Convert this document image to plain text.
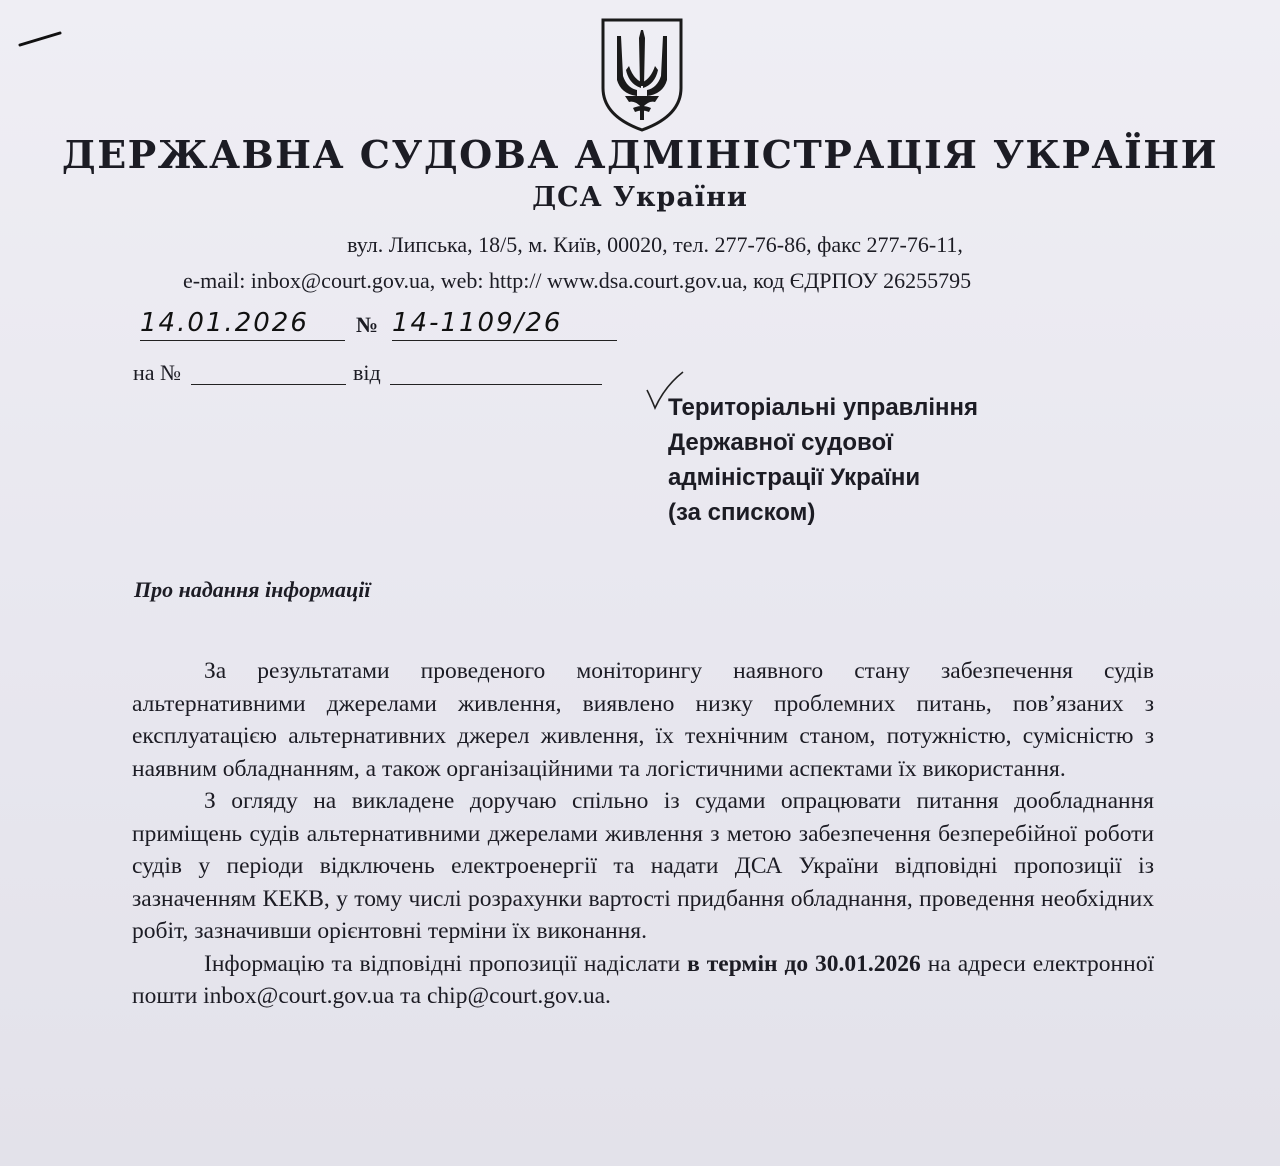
ДЕРЖАВНА СУДОВА АДМІНІСТРАЦІЯ УКРАЇНИ
ДСА України
вул. Липська, 18/5, м. Київ, 00020, тел. 277-76-86, факс 277-76-11,
e-mail: inbox@court.gov.ua, web: http:// www.dsa.court.gov.ua, код ЄДРПОУ 26255795
14.01.2026	№ 14-1109/26
на №	від
Територіальні управління
Державної судової
адміністрації України
(за списком)
Про надання інформації

За результатами проведеного моніторингу наявного стану забезпечення судів альтернативними джерелами живлення, виявлено низку проблемних питань, пов’язаних з експлуатацією альтернативних джерел живлення, їх технічним станом, потужністю, сумісністю з наявним обладнанням, а також організаційними та логістичними аспектами їх використання.

З огляду на викладене доручаю спільно із судами опрацювати питання дообладнання приміщень судів альтернативними джерелами живлення з метою забезпечення безперебійної роботи судів у періоди відключень електроенергії та надати ДСА України відповідні пропозиції із зазначенням КЕКВ, у тому числі розрахунки вартості придбання обладнання, проведення необхідних робіт, зазначивши орієнтовні терміни їх виконання.

Інформацію та відповідні пропозиції надіслати в термін до 30.01.2026 на адреси електронної пошти inbox@court.gov.ua та chip@court.gov.ua.
